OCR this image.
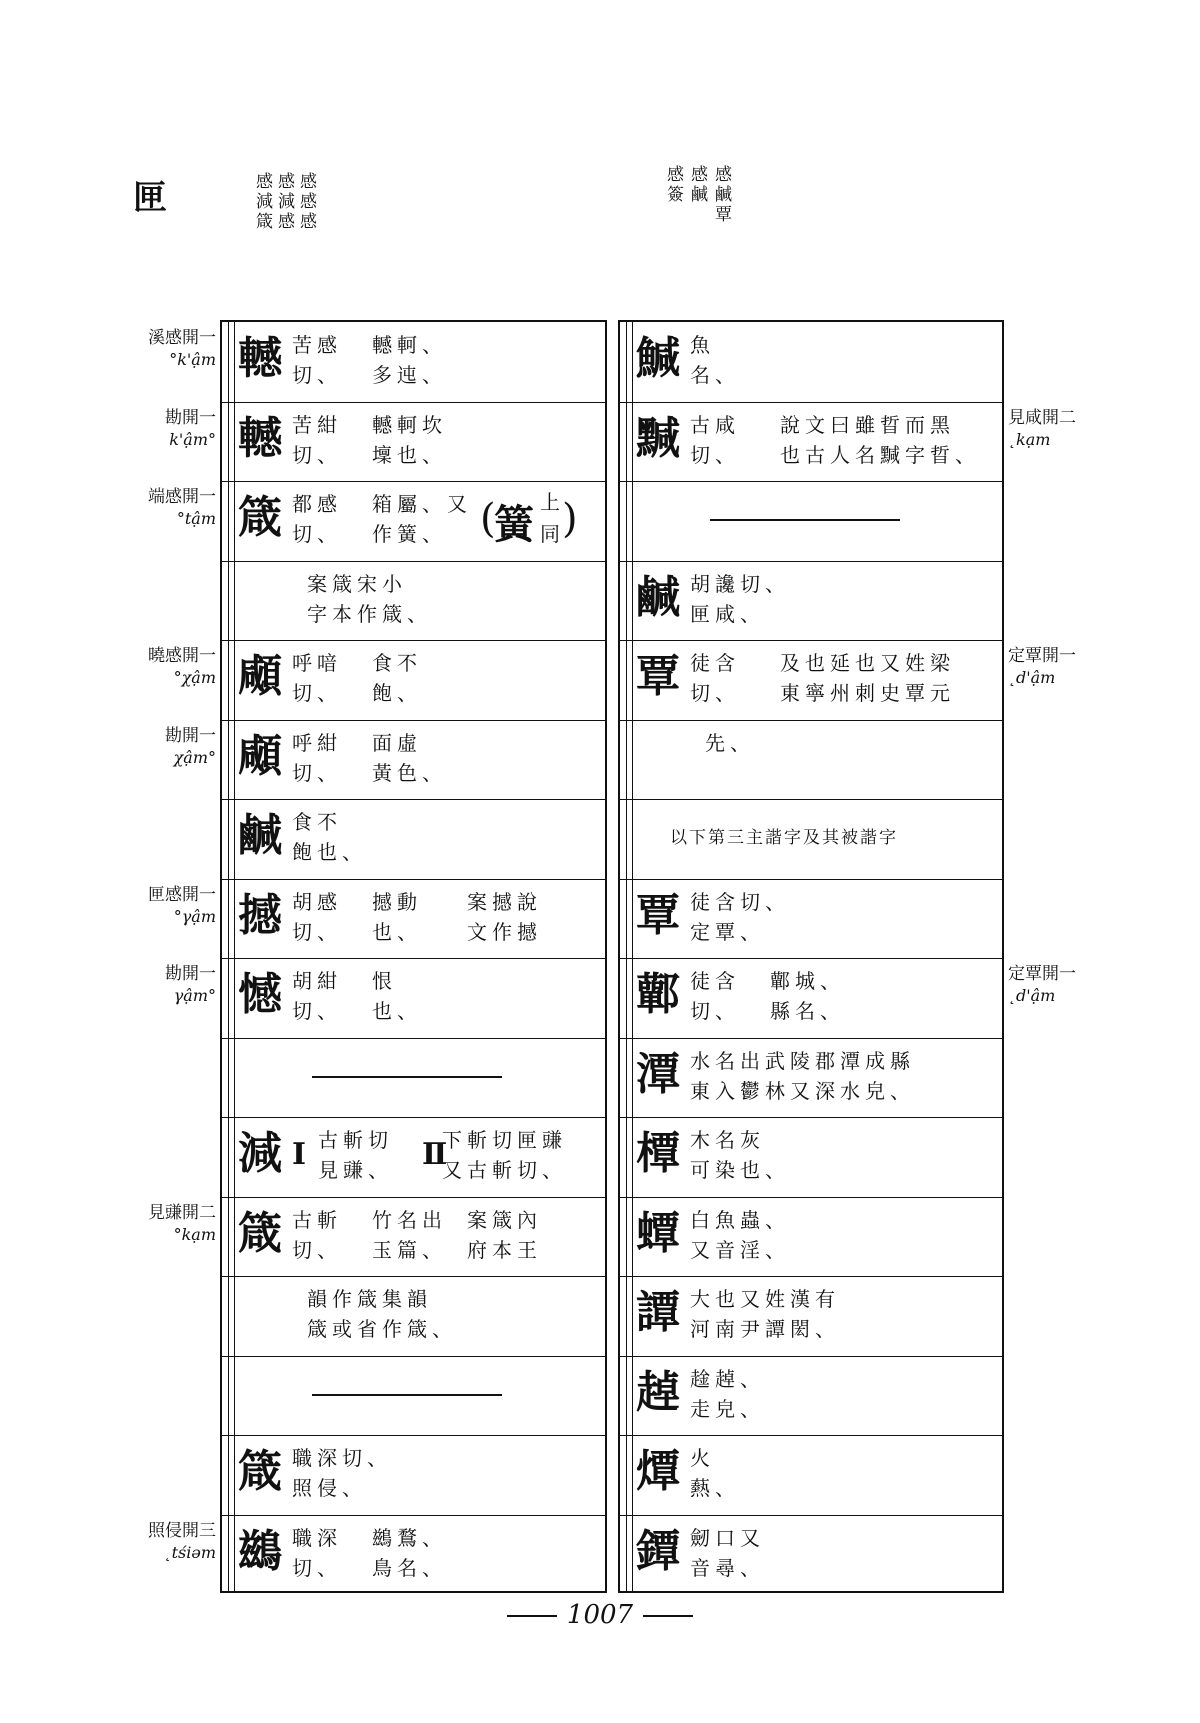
匣	感感感
感減感
感減箴	感鹹覃
感鹹
感簽
轗 苦感
切、
轗軻、
多迍、
轗 苦紺
切、
轗軻坎
壈也、
箴 都感
切、
箱屬、又
作簧、 (
簧 上
同 )
案箴宋小
字本作箴、
顑 呼喑
切、
食不
飽、
顑 呼紺
切、
面虛
黃色、
鹹 食不
飽也、
撼 胡感
切、
撼動
也、
案撼說
文作撼
憾 胡紺
切、
恨
也、
減 Ⅰ 古斬切
見豏、 Ⅱ
下斬切匣豏
又古斬切、
箴 古斬
切、
竹名出
玉篇、
案箴內
府本王
韻作箴集韻
箴或省作箴、
箴 職深切、
照侵、
鷀 職深
切、
鷀鶩、
鳥名、
鰔 魚
名、
黬 古咸
切、
說文曰雖晢而黑
也古人名黬字晢、
鹹 胡讒切、
匣咸、
覃 徒含
切、
及也延也又姓梁
東寧州刺史覃元
先、
以下第三主諧字及其被諧字
覃 徒含切、
定覃、
鄿 徒含
切、
鄿城、
縣名、
潭 水名出武陵郡潭成縣
東入鬱林又深水皃、
橝 木名灰
可染也、
蟫 白魚蟲、
又音淫、
譚 大也又姓漢有
河南尹譚閎、
趠 趛趠、
走皃、
燂 火
爇、
鐔 劒口又
音尋、
溪感開一
°k'ậm
勘開一
k'ậm°
端感開一
°tậm
曉感開一
°χậm
勘開一
χậm°
匣感開一
°γậm
勘開一
γậm°
見豏開二
°kạm
照侵開三
˛tśiəm
見咸開二
˛kạm
定覃開一
˛d'ậm
定覃開一
˛d'ậm
1007
